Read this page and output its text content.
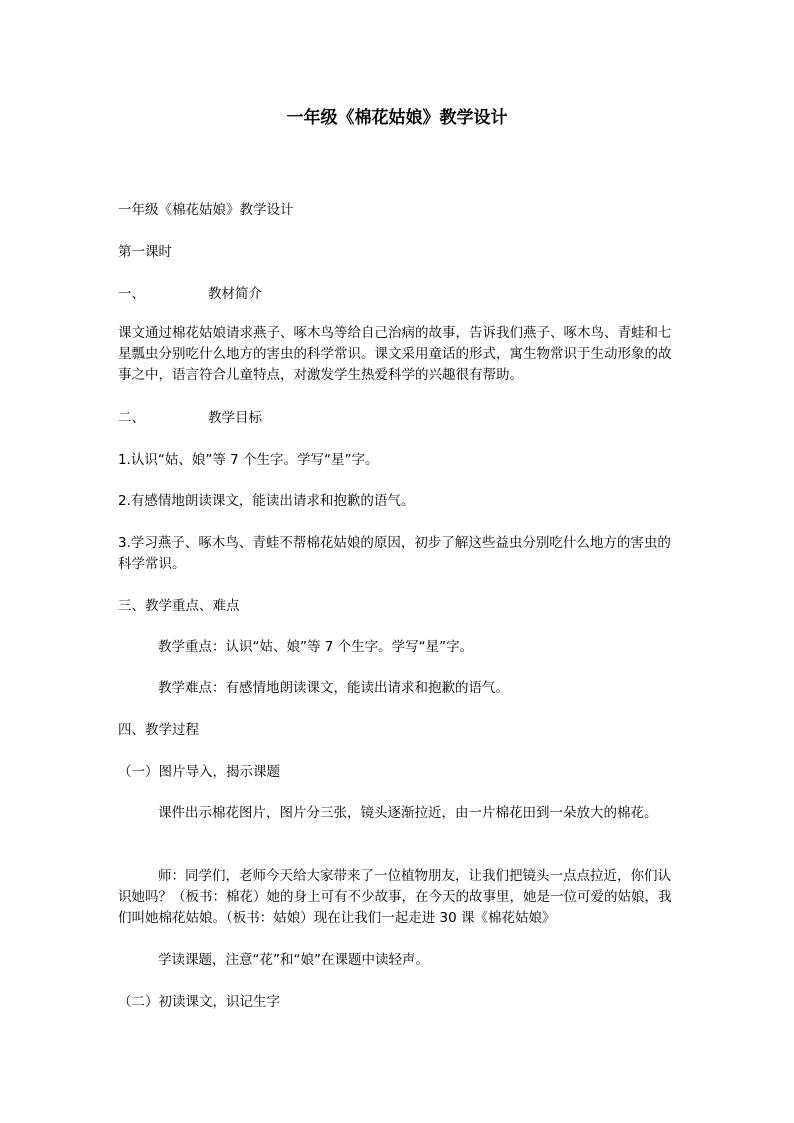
一年级《棉花姑娘》教学设计
一年级《棉花姑娘》教学设计
第一课时
一、	教材简介
课文通过棉花姑娘请求燕子、啄木鸟等给自己治病的故事，告诉我们燕子、啄木鸟、青蛙和七星瓢虫分别吃什么地方的害虫的科学常识。课文采用童话的形式，寓生物常识于生动形象的故事之中，语言符合儿童特点，对激发学生热爱科学的兴趣很有帮助。
二、	教学目标
1.认识“姑、娘”等 7 个生字。学写“星”字。
2.有感情地朗读课文，能读出请求和抱歉的语气。
3.学习燕子、啄木鸟、青蛙不帮棉花姑娘的原因，初步了解这些益虫分别吃什么地方的害虫的科学常识。
三、教学重点、难点
教学重点：认识“姑、娘”等 7 个生字。学写“星”字。
教学难点：有感情地朗读课文，能读出请求和抱歉的语气。
四、教学过程
（一）图片导入，揭示课题
课件出示棉花图片，图片分三张，镜头逐渐拉近，由一片棉花田到一朵放大的棉花。
师：同学们，老师今天给大家带来了一位植物朋友，让我们把镜头一点点拉近，你们认识她吗？（板书：棉花）她的身上可有不少故事，在今天的故事里，她是一位可爱的姑娘，我们叫她棉花姑娘。（板书：姑娘）现在让我们一起走进 30 课《棉花姑娘》
学读课题，注意“花”和“娘”在课题中读轻声。
（二）初读课文，识记生字
